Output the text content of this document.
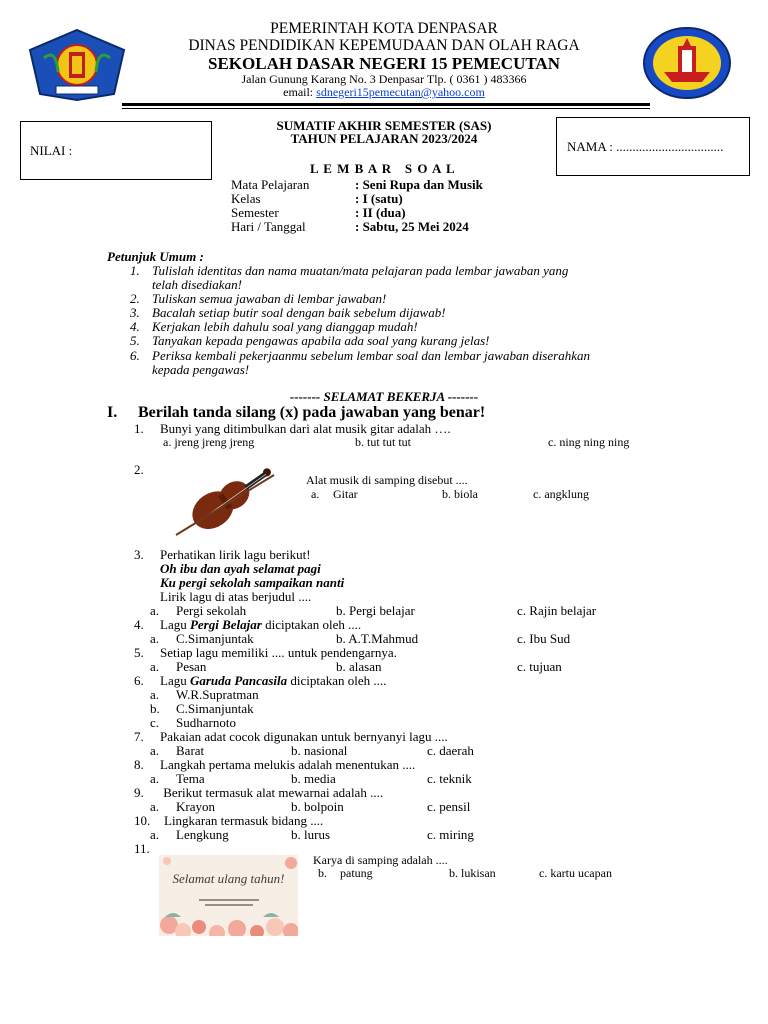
PEMERINTAH KOTA DENPASAR
DINAS PENDIDIKAN KEPEMUDAAN DAN OLAH RAGA
SEKOLAH DASAR NEGERI 15 PEMECUTAN
Jalan Gunung Karang No. 3 Denpasar Tlp. ( 0361 ) 483366
email: sdnegeri15pemecutan@yahoo.com
NILAI :	NAMA : .................................
SUMATIF AKHIR SEMESTER (SAS)
TAHUN PELAJARAN 2023/2024
L E M B A R   S O A L
Mata Pelajaran	: Seni Rupa dan Musik
Kelas	: I (satu)
Semester	: II (dua)
Hari / Tanggal	: Sabtu, 25 Mei 2024
Petunjuk Umum :
1. Tulislah identitas dan nama muatan/mata pelajaran pada lembar jawaban yang
telah disediakan!
2. Tuliskan semua jawaban di lembar jawaban!
3. Bacalah setiap butir soal dengan baik sebelum dijawab!
4. Kerjakan lebih dahulu soal yang dianggap mudah!
5. Tanyakan kepada pengawas apabila ada soal yang kurang jelas!
6. Periksa kembali pekerjaanmu sebelum lembar soal dan lembar jawaban diserahkan
kepada pengawas!
------- SELAMAT BEKERJA -------
I. Berilah tanda silang (x) pada jawaban yang benar!
1. Bunyi yang ditimbulkan dari alat musik gitar adalah ….
a. jreng jreng jreng	b. tut tut tut	c. ning ning ning
2.
Alat musik di samping disebut ....
a. Gitar	b. biola	c. angklung
3. Perhatikan lirik lagu berikut!
Oh ibu dan ayah selamat pagi
Ku pergi sekolah sampaikan nanti
Lirik lagu di atas berjudul ....
a. Pergi sekolah	b. Pergi belajar	c. Rajin belajar
4. Lagu Pergi Belajar diciptakan oleh ....
a. C.Simanjuntak	b. A.T.Mahmud	c. Ibu Sud
5. Setiap lagu memiliki .... untuk pendengarnya.
a. Pesan	b. alasan	c. tujuan
6. Lagu Garuda Pancasila diciptakan oleh ....
a. W.R.Supratman
b. C.Simanjuntak
c. Sudharnoto
7. Pakaian adat cocok digunakan untuk bernyanyi lagu ....
a. Barat	b. nasional	c. daerah
8. Langkah pertama melukis adalah menentukan ....
a. Tema	b. media	c. teknik
9. Berikut termasuk alat mewarnai adalah ....
a. Krayon	b. bolpoin	c. pensil
10. Lingkaran termasuk bidang ....
a. Lengkung	b. lurus	c. miring
11.
Selamat ulang tahun!
Karya di samping adalah ....
b. patung	b. lukisan	c. kartu ucapan
